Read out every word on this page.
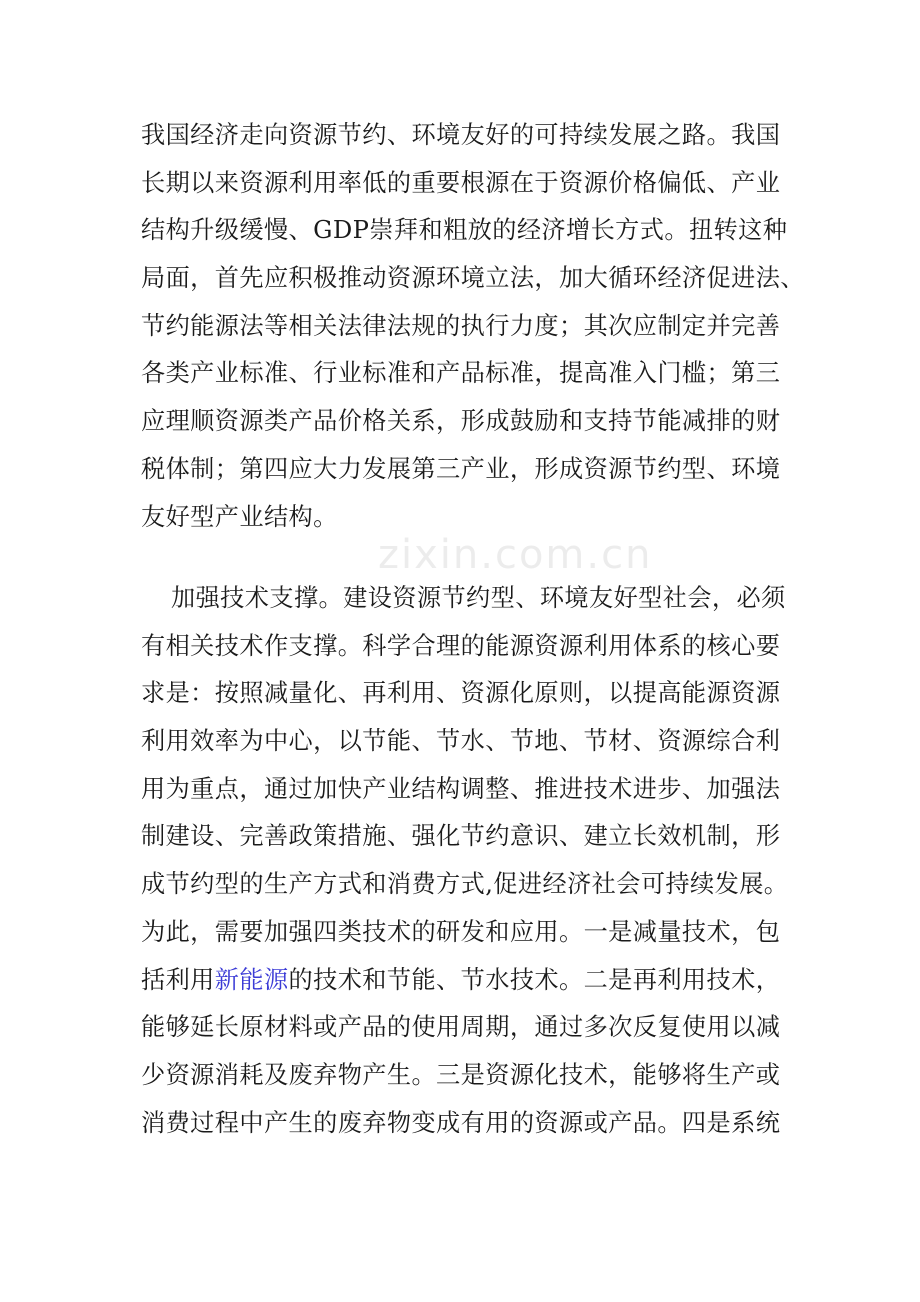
zixin.com.cn
我国经济走向资源节约、环境友好的可持续发展之路。我国
长期以来资源利用率低的重要根源在于资源价格偏低、产业
结构升级缓慢、GDP崇拜和粗放的经济增长方式。扭转这种
局面，首先应积极推动资源环境立法，加大循环经济促进法、
节约能源法等相关法律法规的执行力度；其次应制定并完善
各类产业标准、行业标准和产品标准，提高准入门槛；第三
应理顺资源类产品价格关系，形成鼓励和支持节能减排的财
税体制；第四应大力发展第三产业，形成资源节约型、环境
友好型产业结构。
加强技术支撑。建设资源节约型、环境友好型社会，必须
有相关技术作支撑。科学合理的能源资源利用体系的核心要
求是：按照减量化、再利用、资源化原则，以提高能源资源
利用效率为中心，以节能、节水、节地、节材、资源综合利
用为重点，通过加快产业结构调整、推进技术进步、加强法
制建设、完善政策措施、强化节约意识、建立长效机制，形
成节约型的生产方式和消费方式,促进经济社会可持续发展。
为此，需要加强四类技术的研发和应用。一是减量技术，包
括利用新能源的技术和节能、节水技术。二是再利用技术，
能够延长原材料或产品的使用周期，通过多次反复使用以减
少资源消耗及废弃物产生。三是资源化技术，能够将生产或
消费过程中产生的废弃物变成有用的资源或产品。四是系统
